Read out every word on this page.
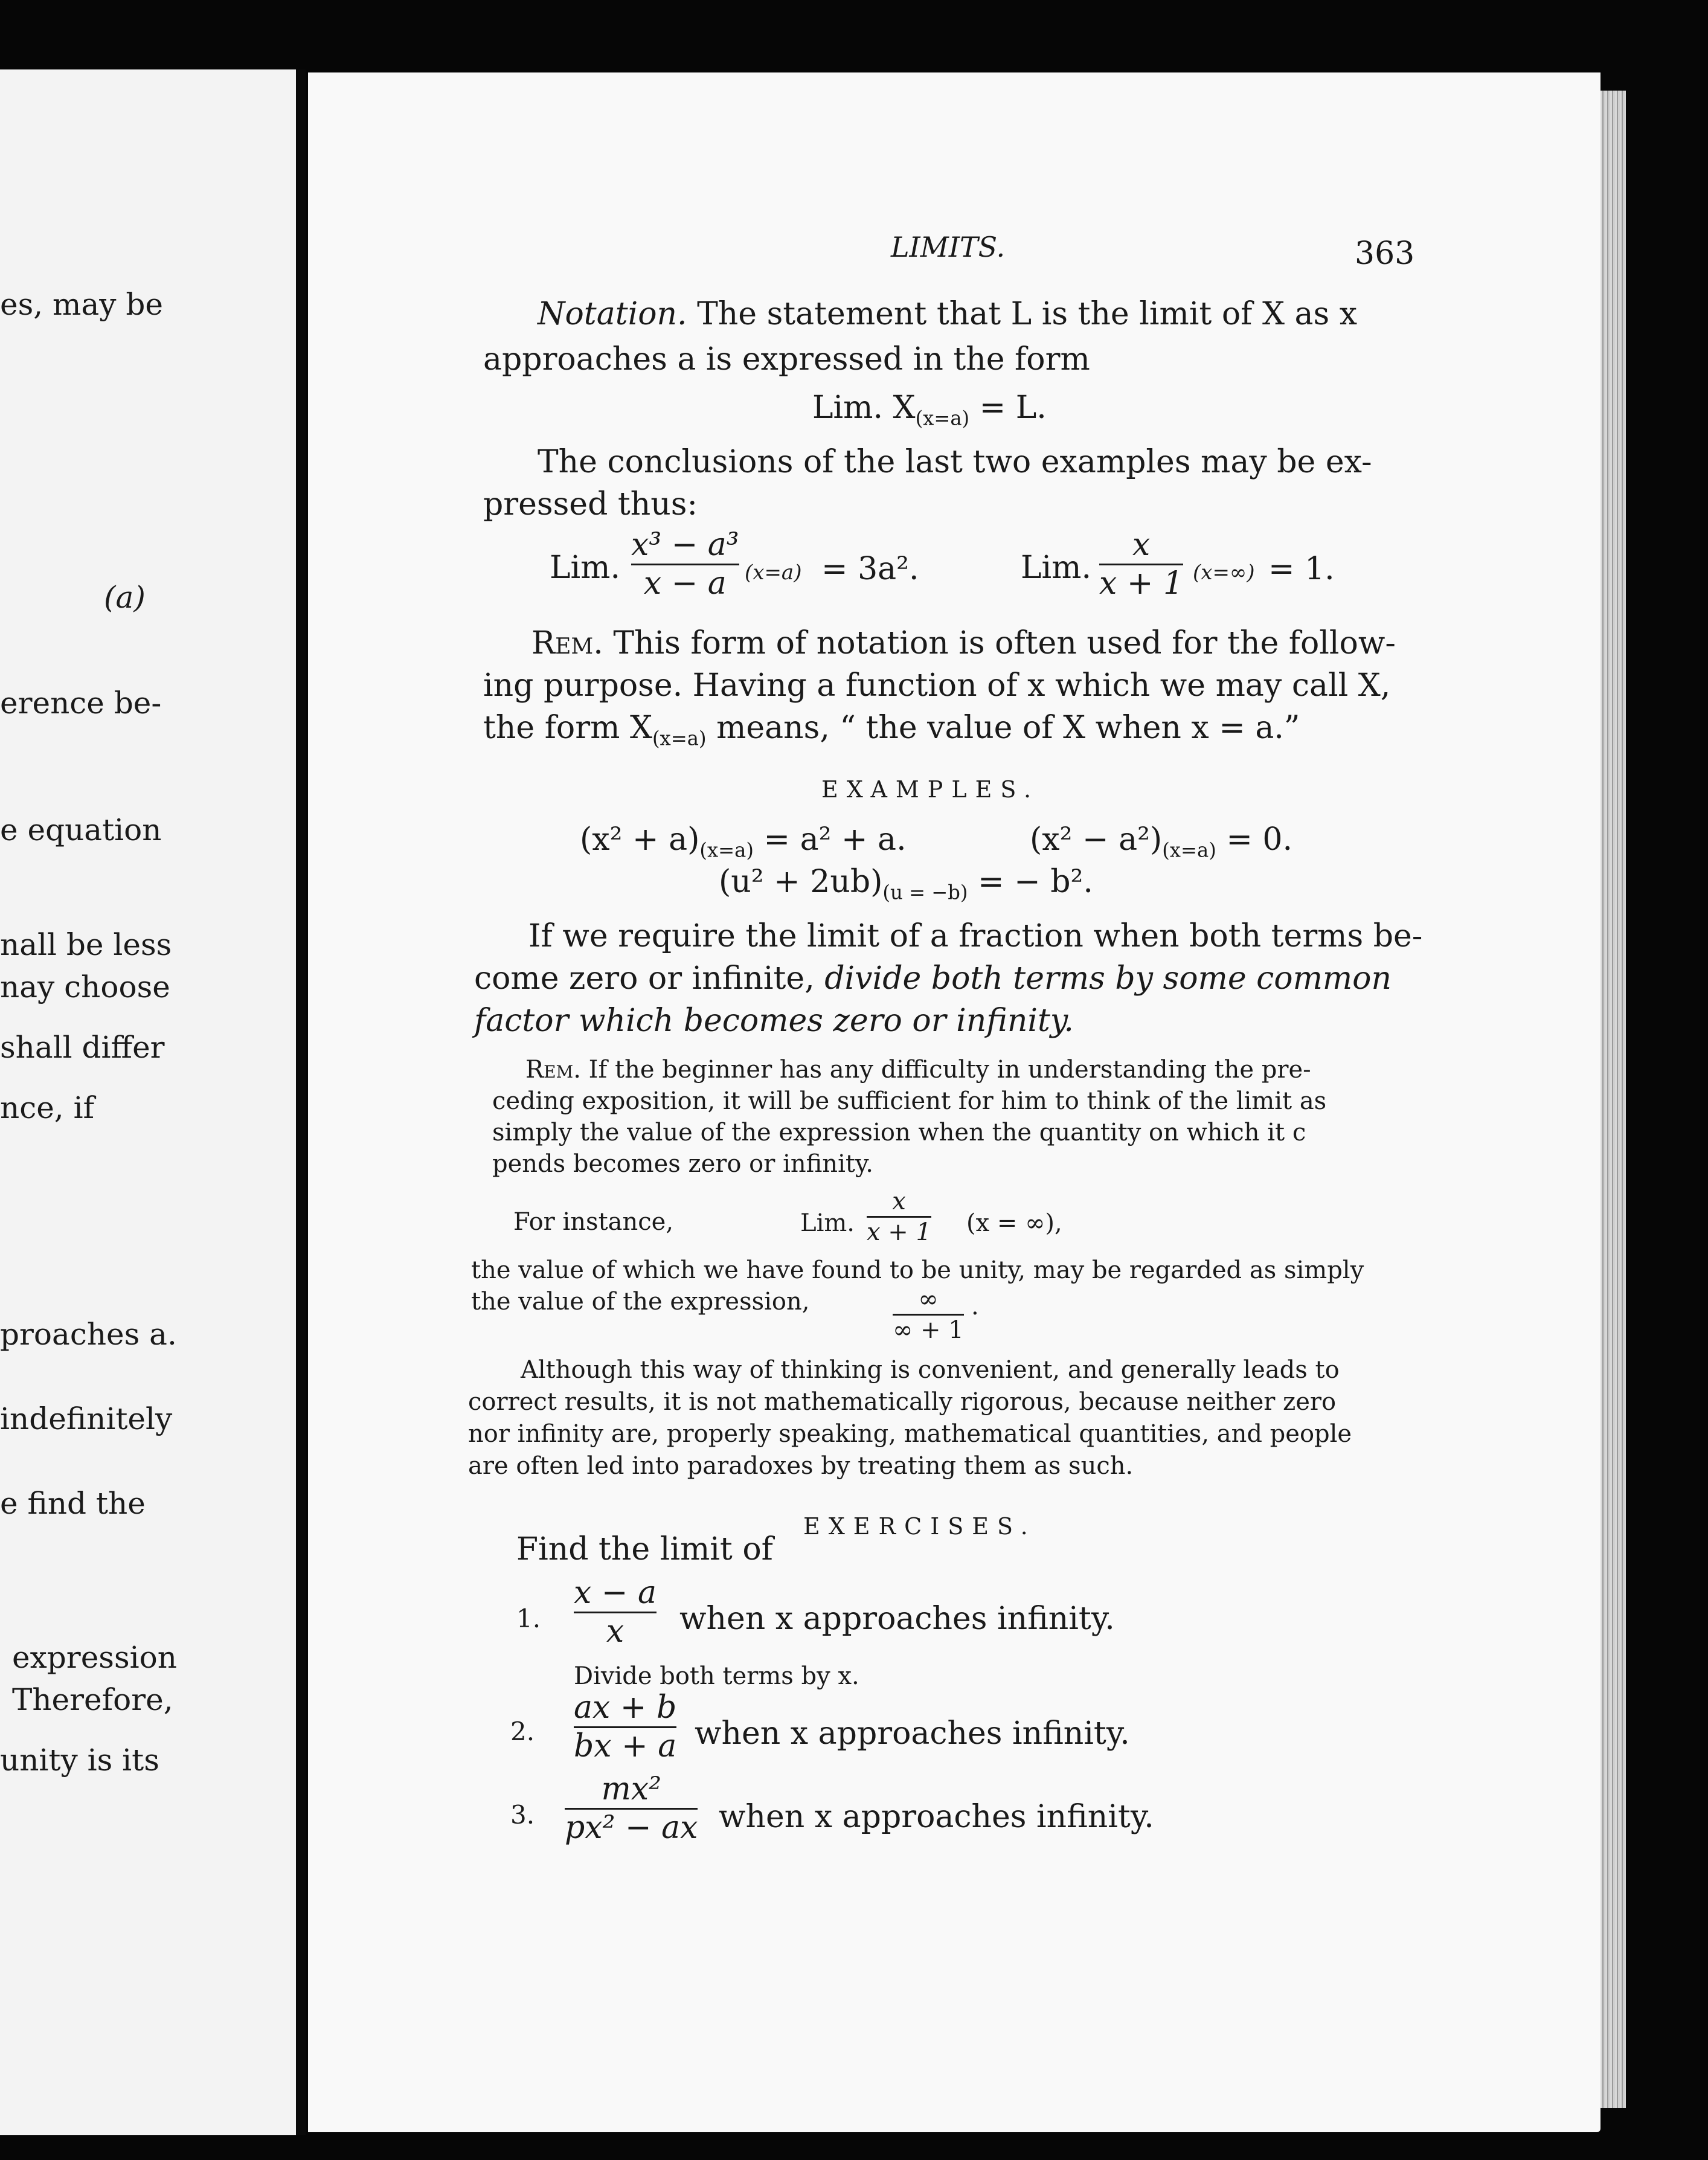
es, may be
(a)
erence be-
e equation
nall be less
nay choose
shall differ
nce, if
proaches a.
indefinitely
e find the
expression
Therefore,
unity is its
LIMITS.	363
Notation. The statement that L is the limit of X as x
approaches a is expressed in the form
Lim. $X_{(x=a)} = L$.
The conclusions of the last two examples may be ex-
pressed thus:
Lim.
x³ − a³
x − a (x=a) = 3a².	Lim.
x
x + 1 (x=∞) = 1.
Rem. This form of notation is often used for the follow-
ing purpose. Having a function of x which we may call X,
the form $X_{(x=a)}$ means, “ the value of X when x = a.”
EXAMPLES.
$(x^2 + a)_{(x=a)} = a^2 + a$.	$(x^2 - a^2)_{(x=a)} = 0$.
$(u^2 + 2ub)_{(u = -b)}$ = − b².
If we require the limit of a fraction when both terms be-
come zero or infinite, divide both terms by some common
factor which becomes zero or infinity.
Rem. If the beginner has any difficulty in understanding the pre-
ceding exposition, it will be sufficient for him to think of the limit as
simply the value of the expression when the quantity on which it c
pends becomes zero or infinity.
For instance,	Lim.
x
x + 1 (x = ∞),
the value of which we have found to be unity, may be regarded as simply
the value of the expression,	∞
∞ + 1
.
Although this way of thinking is convenient, and generally leads to
correct results, it is not mathematically rigorous, because neither zero
nor infinity are, properly speaking, mathematical quantities, and people
are often led into paradoxes by treating them as such.
EXERCISES.
Find the limit of
1.
x − a
x when x approaches infinity.
Divide both terms by x.
2.
ax + b
bx + a when x approaches infinity.
3.
mx²
px² − ax when x approaches infinity.
